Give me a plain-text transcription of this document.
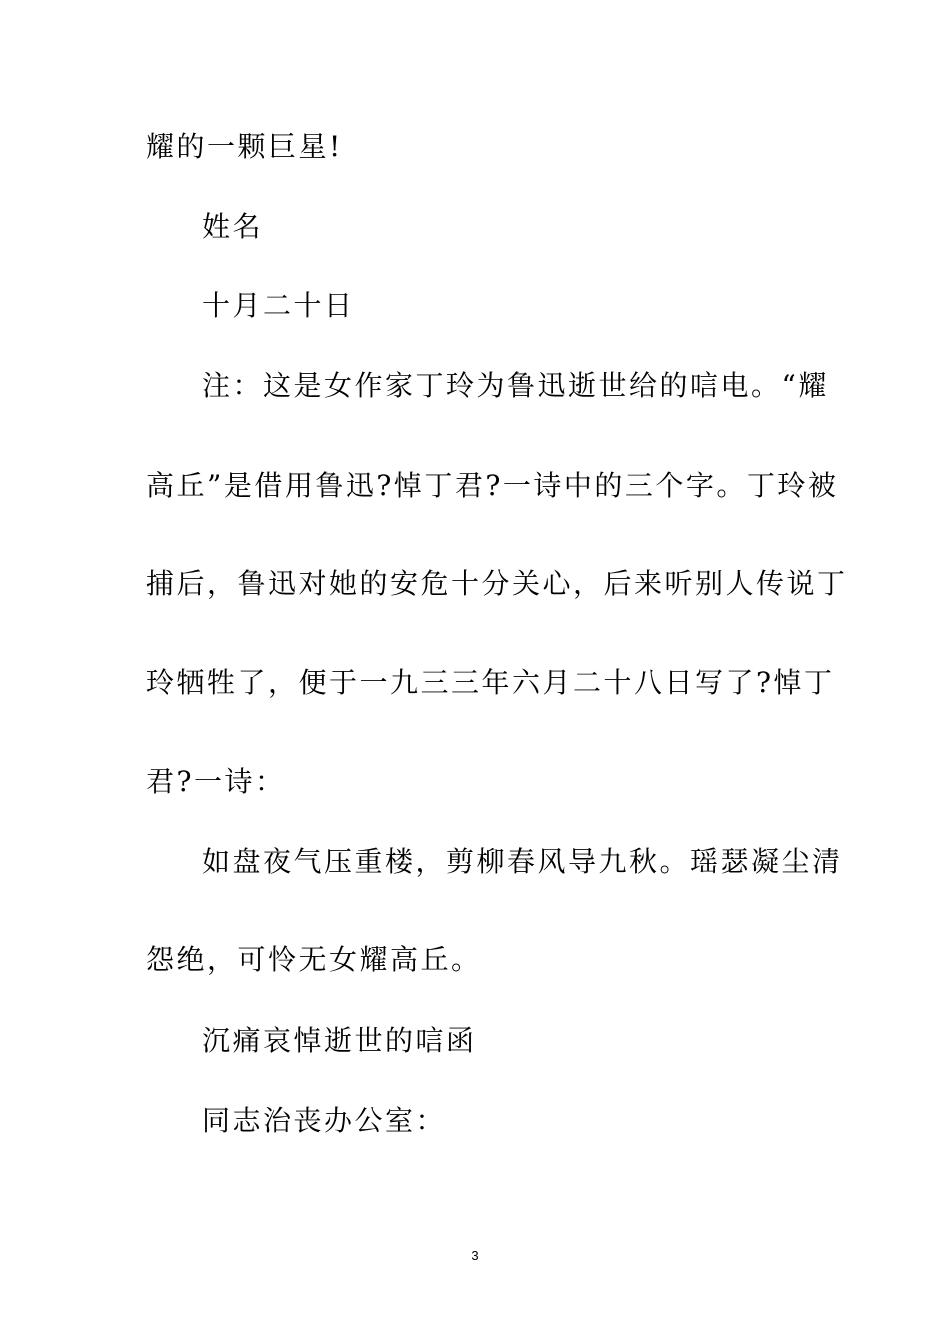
耀的一颗巨星!
姓名
十月二十日
注：这是女作家丁玲为鲁迅逝世给的唁电。“耀
高丘”是借用鲁迅?悼丁君?一诗中的三个字。丁玲被
捕后，鲁迅对她的安危十分关心，后来听别人传说丁
玲牺牲了，便于一九三三年六月二十八日写了?悼丁
君?一诗：
如盘夜气压重楼，剪柳春风导九秋。瑶瑟凝尘清
怨绝，可怜无女耀高丘。
沉痛哀悼逝世的唁函
同志治丧办公室：
3
